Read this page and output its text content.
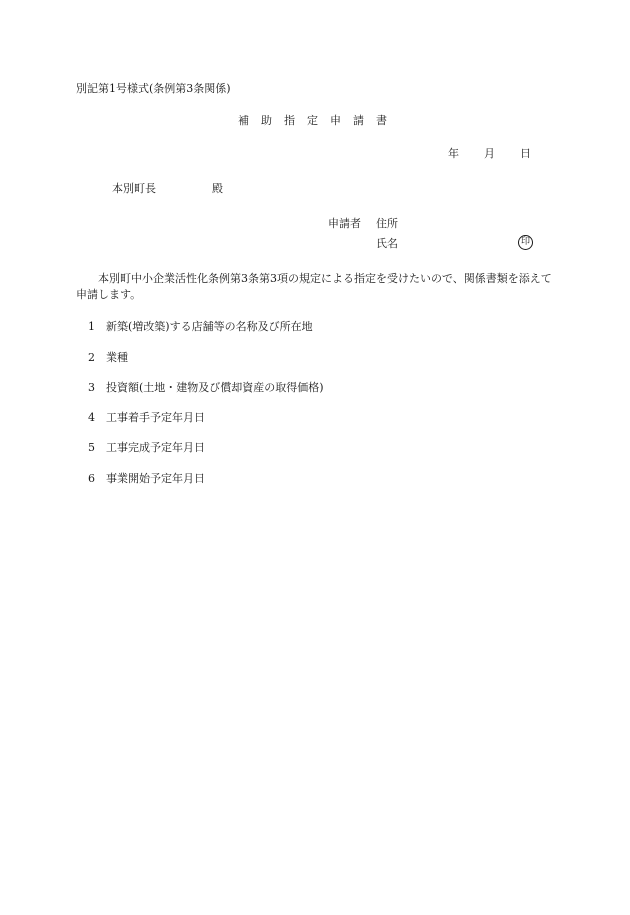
別記第1号様式(条例第3条関係)
補 助 指 定 申 請 書
年 月 日
本別町長	殿
申請者 住所
氏名	印
本別町中小企業活性化条例第3条第3項の規定による指定を受けたいので、関係書類を添えて申請します。
1 新築(増改築)する店舗等の名称及び所在地
2 業種
3 投資額(土地・建物及び償却資産の取得価格)
4 工事着手予定年月日
5 工事完成予定年月日
6 事業開始予定年月日
